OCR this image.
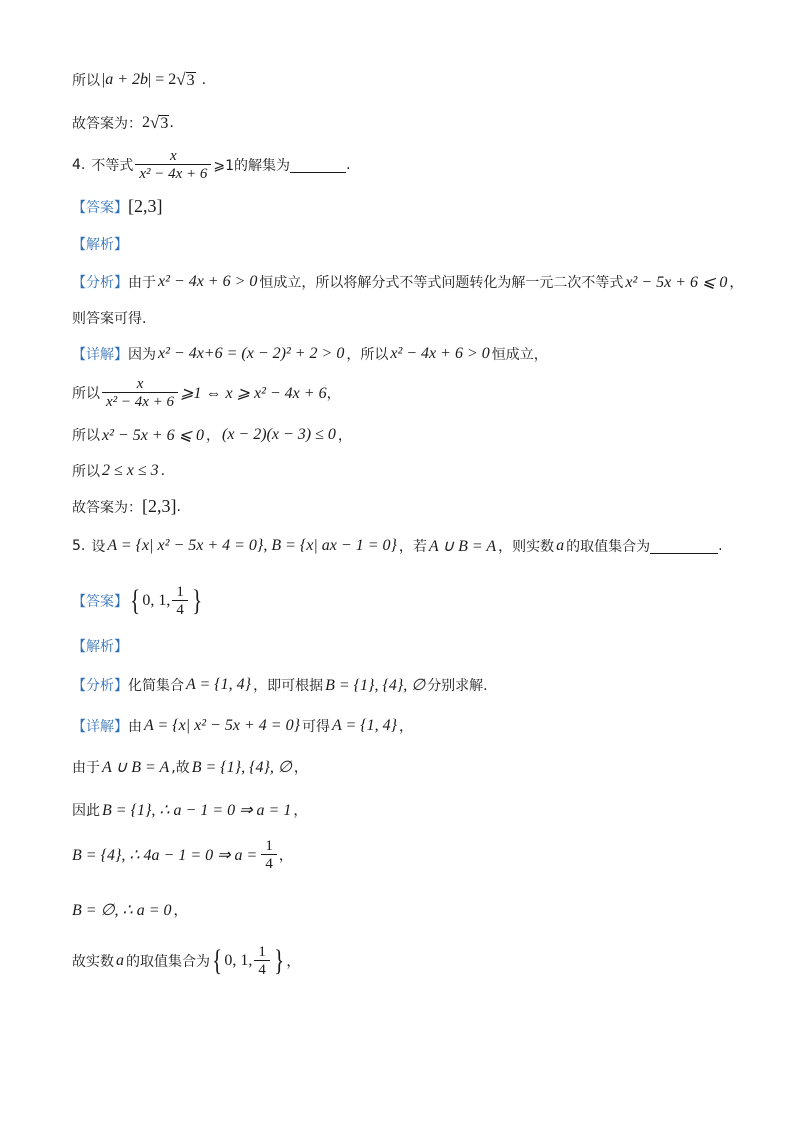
所以 | a + 2b | = 2 √ 3 .
故答案为： 2 √ 3 .
4. 不等式 $\frac{x}{\text{x² − 4x + 6}}$ ⩾1的解集为	.
【答案】 [2,3]
【解析】
【分析】 由于 x² − 4x + 6 > 0 恒成立，所以将解分式不等式问题转化为解一元二次不等式 x² − 5x + 6 ⩽ 0 ，
则答案可得.
【详解】 因为 x² − 4x+6 = (x − 2)² + 2 > 0 ，所以 x² − 4x + 6 > 0 恒成立，
所以 $\frac{x}{\text{x² − 4x + 6}}$ ⩾1 ⇔ x ⩾ x² − 4x + 6 ，
所以 x² − 5x + 6 ⩽ 0 ， (x − 2)(x − 3) ≤ 0 ，
所以 2 ≤ x ≤ 3 .
故答案为： [2,3] .
5. 设 A = {x| x² − 5x + 4 = 0}, B = {x| ax − 1 = 0} ，若 A ∪ B = A ，则实数 a 的取值集合为	.
【答案】 { 0, 1, $\frac{1}{4}$ }
【解析】
【分析】 化简集合 A = {1, 4} ，即可根据 B = {1}, {4}, ∅ 分别求解.
【详解】 由 A = {x| x² − 5x + 4 = 0} 可得 A = {1, 4} ，
由于 A ∪ B = A ,故 B = {1}, {4}, ∅ ，
因此 B = {1}, ∴ a − 1 = 0 ⇒ a = 1 ，
B = {4}, ∴ 4a − 1 = 0 ⇒ $a = \frac{1}{4}$ ，
B = ∅, ∴ a = 0 ，
故实数 a 的取值集合为 { 0, 1, $\frac{1}{4}$ } ，
